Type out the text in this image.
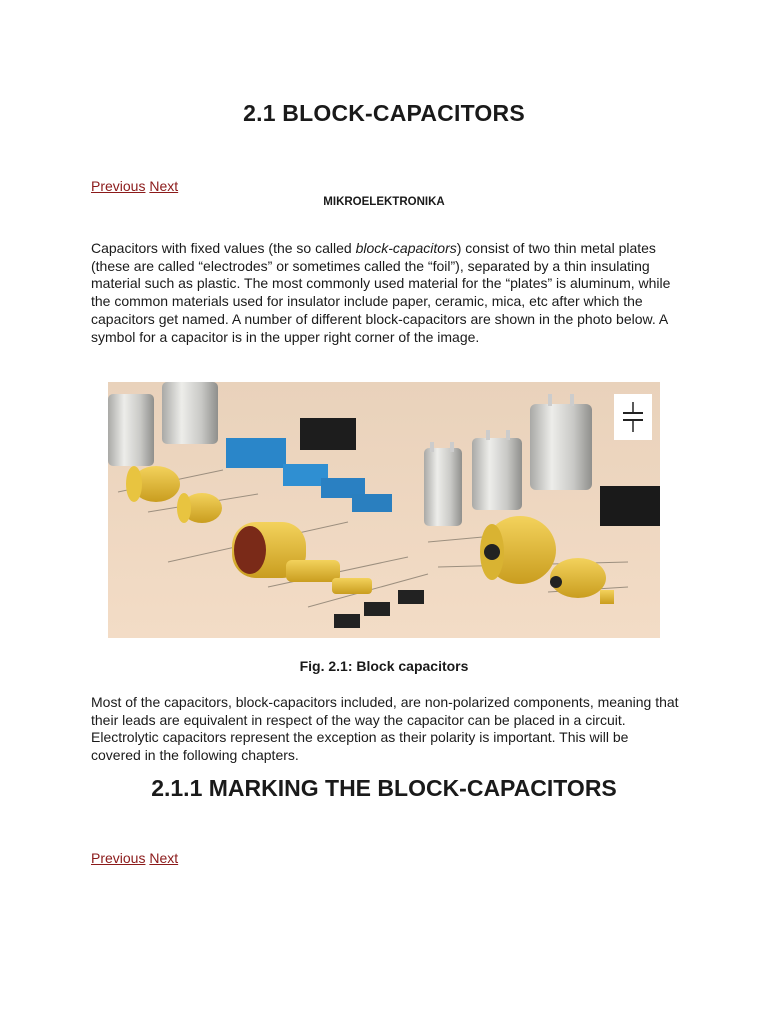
2.1 BLOCK-CAPACITORS
Previous Next
MIKROELEKTRONIKA

Capacitors with fixed values (the so called block-capacitors) consist of two thin metal plates (these are called “electrodes” or sometimes called the “foil”), separated by a thin insulating material such as plastic. The most commonly used material for the “plates” is aluminum, while the common materials used for insulator include paper, ceramic, mica, etc after which the capacitors get named. A number of different block-capacitors are shown in the photo below. A symbol for a capacitor is in the upper right corner of the image.

Fig. 2.1: Block capacitors

Most of the capacitors, block-capacitors included, are non-polarized components, meaning that their leads are equivalent in respect of the way the capacitor can be placed in a circuit. Electrolytic capacitors represent the exception as their polarity is important. This will be covered in the following chapters.

2.1.1 MARKING THE BLOCK-CAPACITORS
Previous Next
